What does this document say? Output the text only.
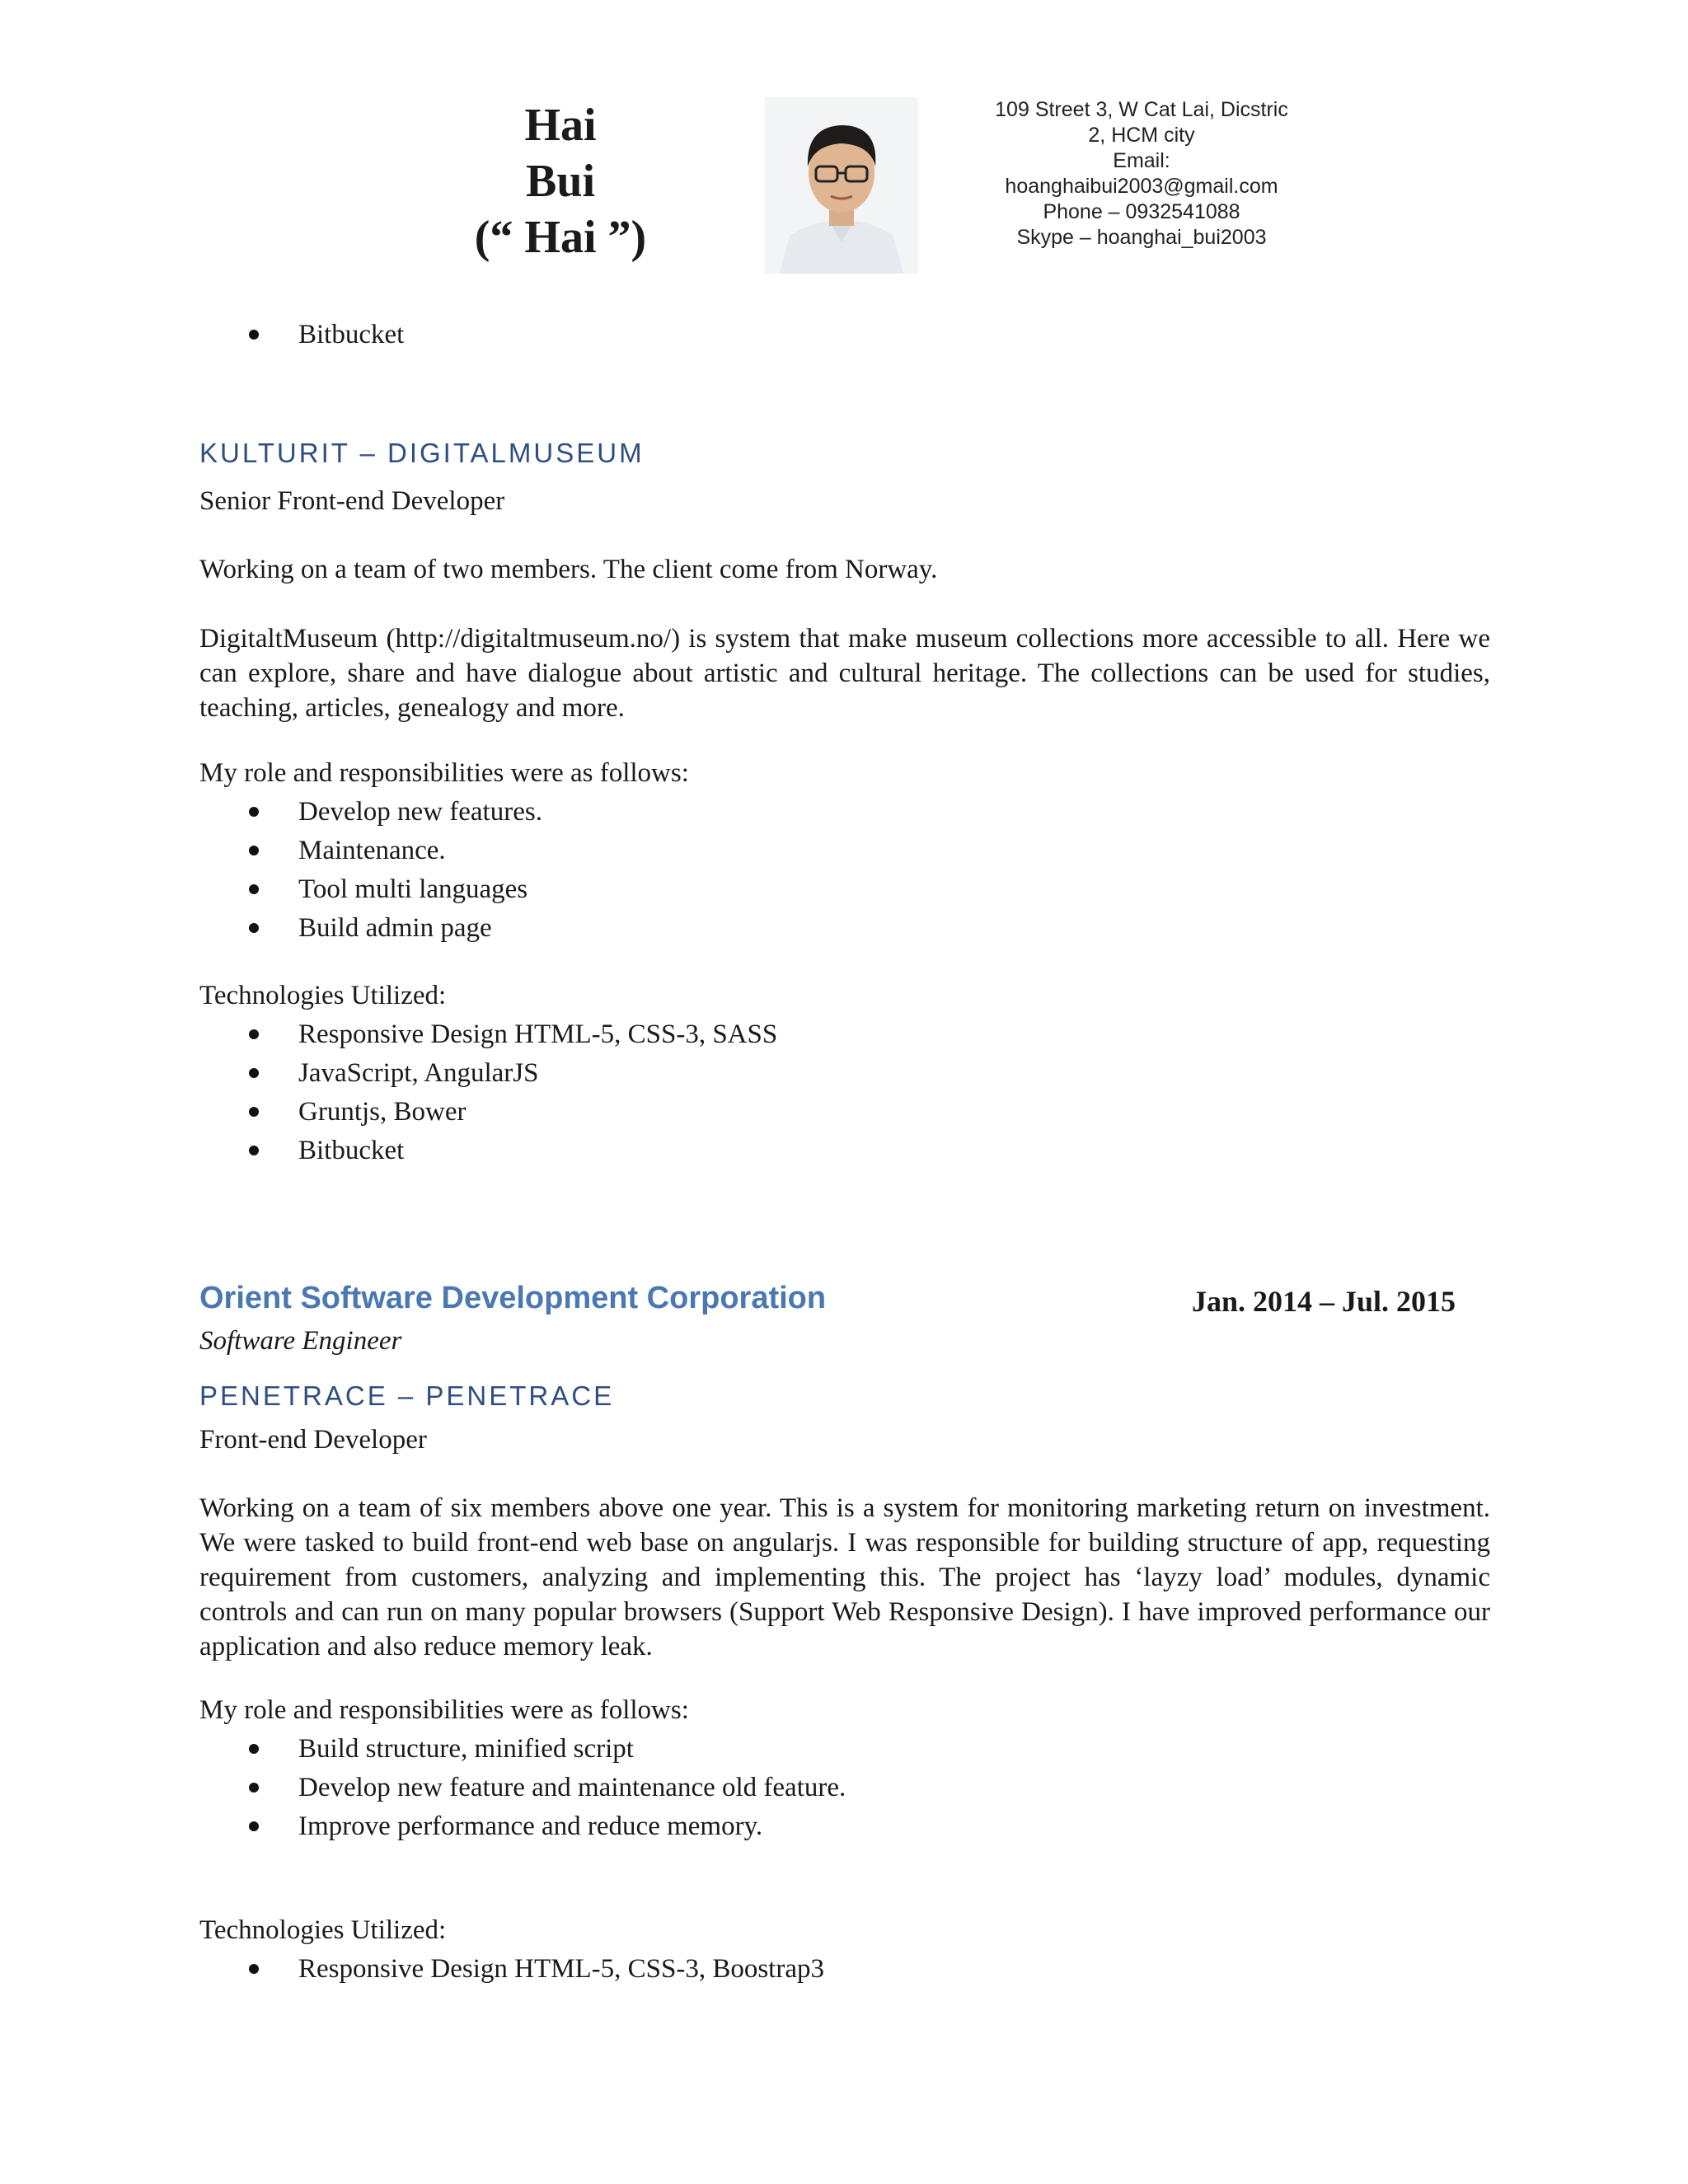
Hai
Bui
(“ Hai ”)
109 Street 3, W Cat Lai, Dicstric
2, HCM city
Email:
hoanghaibui2003@gmail.com
Phone – 0932541088
Skype – hoanghai_bui2003
Bitbucket
KULTURIT – DIGITALMUSEUM
Senior Front-end Developer
Working on a team of two members. The client come from Norway.
DigitaltMuseum (http://digitaltmuseum.no/) is system that make museum collections more accessible to all. Here we can explore, share and have dialogue about artistic and cultural heritage. The collections can be used for studies, teaching, articles, genealogy and more.
My role and responsibilities were as follows:
Develop new features.
Maintenance.
Tool multi languages
Build admin page
Technologies Utilized:
Responsive Design HTML-5, CSS-3, SASS
JavaScript, AngularJS
Gruntjs, Bower
Bitbucket
Orient Software Development Corporation	Jan. 2014 – Jul. 2015
Software Engineer
PENETRACE – PENETRACE
Front-end Developer
Working on a team of six members above one year. This is a system for monitoring marketing return on investment. We were tasked to build front-end web base on angularjs. I was responsible for building structure of app, requesting requirement from customers, analyzing and implementing this. The project has ‘layzy load’ modules, dynamic controls and can run on many popular browsers (Support Web Responsive Design). I have improved performance our application and also reduce memory leak.
My role and responsibilities were as follows:
Build structure, minified script
Develop new feature and maintenance old feature.
Improve performance and reduce memory.
Technologies Utilized:
Responsive Design HTML-5, CSS-3, Boostrap3
